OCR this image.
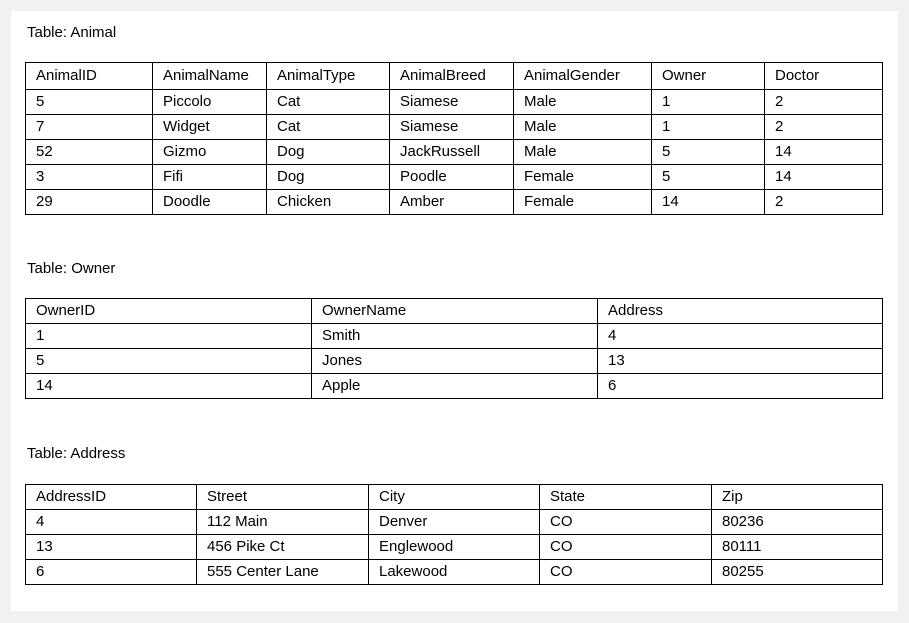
Table: Animal
AnimalID	AnimalName	AnimalType	AnimalBreed	AnimalGender	Owner	Doctor
5	Piccolo	Cat	Siamese	Male	1	2
7	Widget	Cat	Siamese	Male	1	2
52	Gizmo	Dog	JackRussell	Male	5	14
3	Fifi	Dog	Poodle	Female	5	14
29	Doodle	Chicken	Amber	Female	14	2
Table: Owner
OwnerID	OwnerName	Address
1	Smith	4
5	Jones	13
14	Apple	6
Table: Address
AddressID	Street	City	State	Zip
4	112 Main	Denver	CO	80236
13	456 Pike Ct	Englewood	CO	80111
6	555 Center Lane	Lakewood	CO	80255
